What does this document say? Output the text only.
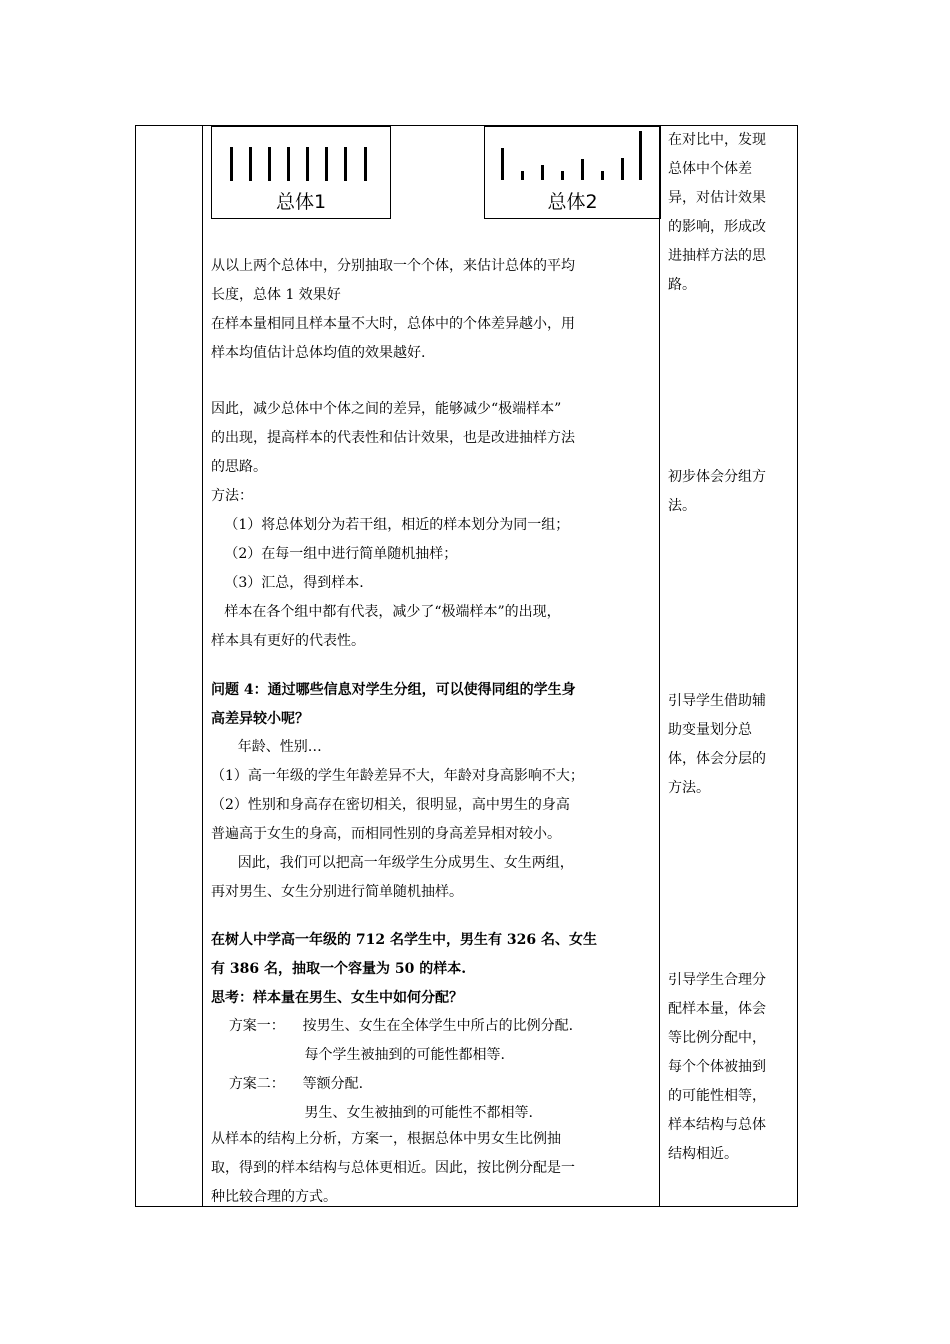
总体1	总体2
从以上两个总体中，分别抽取一个个体，来估计总体的平均
长度，总体 1 效果好
在样本量相同且样本量不大时，总体中的个体差异越小，用
样本均值估计总体均值的效果越好.
因此，减少总体中个体之间的差异，能够减少“极端样本”
的出现，提高样本的代表性和估计效果，也是改进抽样方法
的思路。
方法：
（1）将总体划分为若干组，相近的样本划分为同一组；
（2）在每一组中进行简单随机抽样；
（3）汇总，得到样本.
样本在各个组中都有代表，减少了“极端样本”的出现，
样本具有更好的代表性。
问题 4：通过哪些信息对学生分组，可以使得同组的学生身
高差异较小呢？
年龄、性别…
（1）高一年级的学生年龄差异不大，年龄对身高影响不大；
（2）性别和身高存在密切相关，很明显，高中男生的身高
普遍高于女生的身高，而相同性别的身高差异相对较小。
因此，我们可以把高一年级学生分成男生、女生两组，
再对男生、女生分别进行简单随机抽样。
在树人中学高一年级的 712 名学生中，男生有 326 名、女生
有 386 名，抽取一个容量为 50 的样本.
思考：样本量在男生、女生中如何分配？
方案一：    按男生、女生在全体学生中所占的比例分配.
每个学生被抽到的可能性都相等.
方案二：    等额分配.
男生、女生被抽到的可能性不都相等.
从样本的结构上分析，方案一，根据总体中男女生比例抽
取，得到的样本结构与总体更相近。因此，按比例分配是一
种比较合理的方式。
在对比中，发现
总体中个体差
异，对估计效果
的影响，形成改
进抽样方法的思
路。
初步体会分组方
法。
引导学生借助辅
助变量划分总
体，体会分层的
方法。
引导学生合理分
配样本量，体会
等比例分配中，
每个个体被抽到
的可能性相等，
样本结构与总体
结构相近。
